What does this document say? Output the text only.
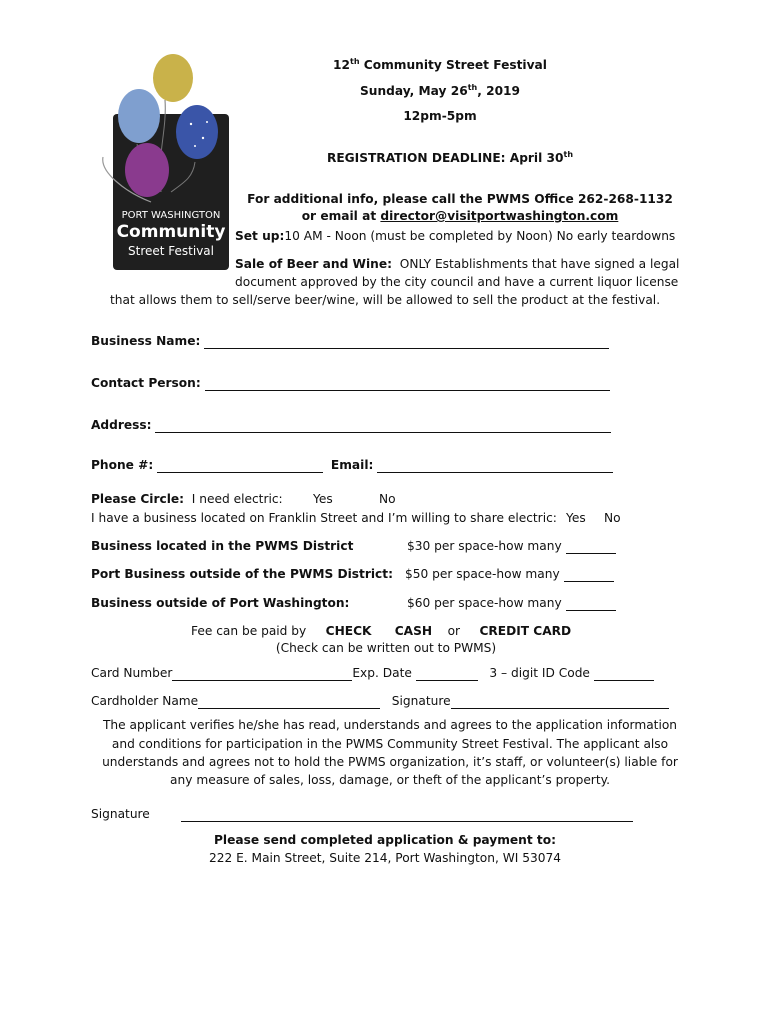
PORT WASHINGTON
Community
Street Festival
12th Community Street Festival
Sunday, May 26th, 2019
12pm-5pm
REGISTRATION DEADLINE: April 30th
For additional info, please call the PWMS Office 262-268-1132
or email at director@visitportwashington.com
Set up:10 AM - Noon (must be completed by Noon) No early teardowns
Sale of Beer and Wine: ONLY Establishments that have signed a legal
document approved by the city council and have a current liquor license
that allows them to sell/serve beer/wine, will be allowed to sell the product at the festival.
Business Name:
Contact Person:
Address:
Phone #:	Email:
Please Circle: I need electric: Yes	No
I have a business located on Franklin Street and I’m willing to share electric: Yes No
Business located in the PWMS District	$30 per space-how many
Port Business outside of the PWMS District: $50 per space-how many
Business outside of Port Washington:	$60 per space-how many
Fee can be paid by CHECK CASH or CREDIT CARD
(Check can be written out to PWMS)
Card Number	Exp. Date	3 – digit ID Code
Cardholder Name	Signature
The applicant verifies he/she has read, understands and agrees to the application information
and conditions for participation in the PWMS Community Street Festival. The applicant also
understands and agrees not to hold the PWMS organization, it’s staff, or volunteer(s) liable for
any measure of sales, loss, damage, or theft of the applicant’s property.
Signature

Please send completed application & payment to:
222 E. Main Street, Suite 214, Port Washington, WI 53074
